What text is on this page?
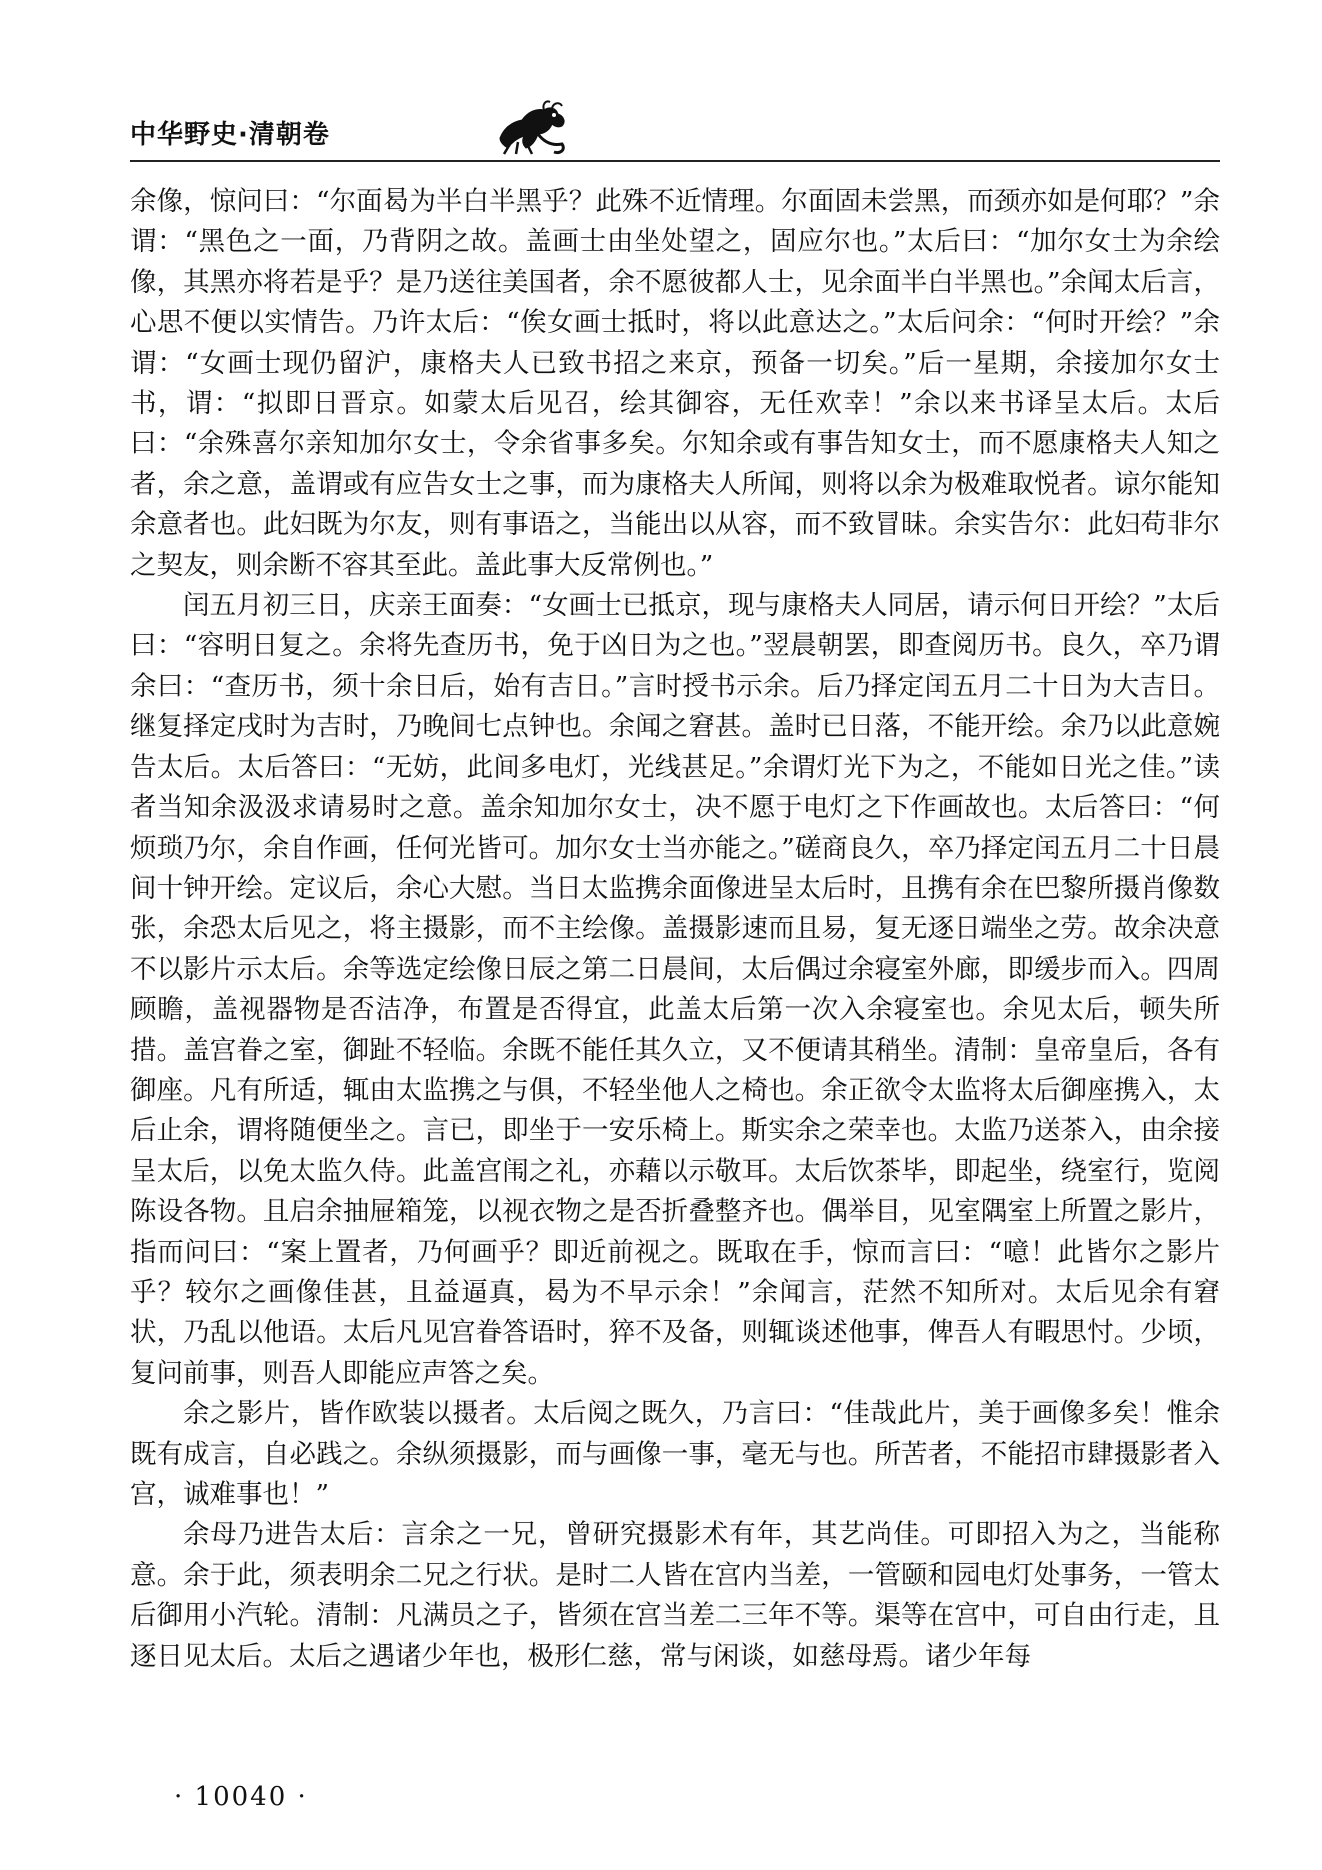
中华野史·清朝卷

余像，惊问曰：“尔面曷为半白半黑乎？此殊不近情理。尔面固未尝黑，而颈亦如是何耶？”余谓：“黑色之一面，乃背阴之故。盖画士由坐处望之，固应尔也。”太后曰：“加尔女士为余绘像，其黑亦将若是乎？是乃送往美国者，余不愿彼都人士，见余面半白半黑也。”余闻太后言，心思不便以实情告。乃许太后：“俟女画士抵时，将以此意达之。”太后问余：“何时开绘？”余谓：“女画士现仍留沪，康格夫人已致书招之来京，预备一切矣。”后一星期，余接加尔女士书，谓：“拟即日晋京。如蒙太后见召，绘其御容，无任欢幸！”余以来书译呈太后。太后曰：“余殊喜尔亲知加尔女士，令余省事多矣。尔知余或有事告知女士，而不愿康格夫人知之者，余之意，盖谓或有应告女士之事，而为康格夫人所闻，则将以余为极难取悦者。谅尔能知余意者也。此妇既为尔友，则有事语之，当能出以从容，而不致冒昧。余实告尔：此妇苟非尔之契友，则余断不容其至此。盖此事大反常例也。”

闰五月初三日，庆亲王面奏：“女画士已抵京，现与康格夫人同居，请示何日开绘？”太后曰：“容明日复之。余将先查历书，免于凶日为之也。”翌晨朝罢，即查阅历书。良久，卒乃谓余曰：“查历书，须十余日后，始有吉日。”言时授书示余。后乃择定闰五月二十日为大吉日。继复择定戌时为吉时，乃晚间七点钟也。余闻之窘甚。盖时已日落，不能开绘。余乃以此意婉告太后。太后答曰：“无妨，此间多电灯，光线甚足。”余谓灯光下为之，不能如日光之佳。”读者当知余汲汲求请易时之意。盖余知加尔女士，决不愿于电灯之下作画故也。太后答曰：“何烦琐乃尔，余自作画，任何光皆可。加尔女士当亦能之。”磋商良久，卒乃择定闰五月二十日晨间十钟开绘。定议后，余心大慰。当日太监携余面像进呈太后时，且携有余在巴黎所摄肖像数张，余恐太后见之，将主摄影，而不主绘像。盖摄影速而且易，复无逐日端坐之劳。故余决意不以影片示太后。余等选定绘像日辰之第二日晨间，太后偶过余寝室外廊，即缓步而入。四周顾瞻，盖视器物是否洁净，布置是否得宜，此盖太后第一次入余寝室也。余见太后，顿失所措。盖宫眷之室，御趾不轻临。余既不能任其久立，又不便请其稍坐。清制：皇帝皇后，各有御座。凡有所适，辄由太监携之与俱，不轻坐他人之椅也。余正欲令太监将太后御座携入，太后止余，谓将随便坐之。言已，即坐于一安乐椅上。斯实余之荣幸也。太监乃送茶入，由余接呈太后，以免太监久侍。此盖宫闱之礼，亦藉以示敬耳。太后饮茶毕，即起坐，绕室行，览阅陈设各物。且启余抽屉箱笼，以视衣物之是否折叠整齐也。偶举目，见室隅室上所置之影片，指而问曰：“案上置者，乃何画乎？即近前视之。既取在手，惊而言曰：“噫！此皆尔之影片乎？较尔之画像佳甚，且益逼真，曷为不早示余！”余闻言，茫然不知所对。太后见余有窘状，乃乱以他语。太后凡见宫眷答语时，猝不及备，则辄谈述他事，俾吾人有暇思忖。少顷，复问前事，则吾人即能应声答之矣。

余之影片，皆作欧装以摄者。太后阅之既久，乃言曰：“佳哉此片，美于画像多矣！惟余既有成言，自必践之。余纵须摄影，而与画像一事，毫无与也。所苦者，不能招市肆摄影者入宫，诚难事也！”

余母乃进告太后：言余之一兄，曾研究摄影术有年，其艺尚佳。可即招入为之，当能称意。余于此，须表明余二兄之行状。是时二人皆在宫内当差，一管颐和园电灯处事务，一管太后御用小汽轮。清制：凡满员之子，皆须在宫当差二三年不等。渠等在宫中，可自由行走，且逐日见太后。太后之遇诸少年也，极形仁慈，常与闲谈，如慈母焉。诸少年每

· 10040 ·
